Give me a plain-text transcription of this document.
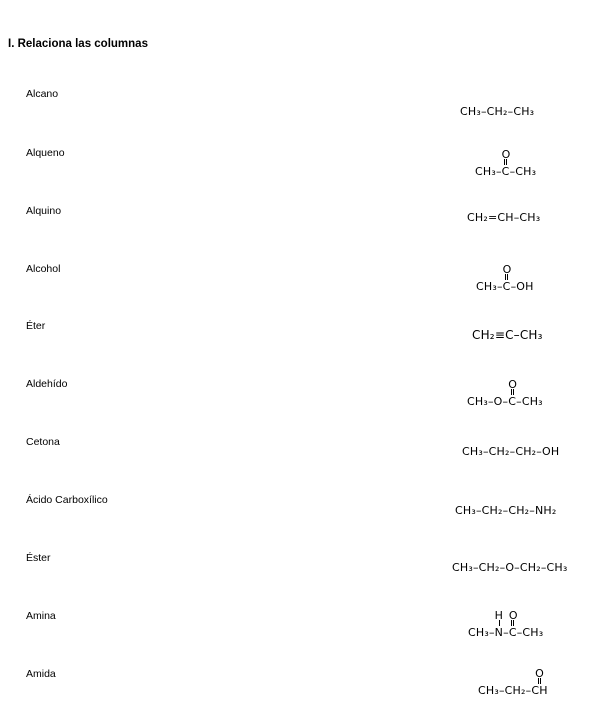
I. Relaciona las columnas
Alcano
Alqueno
Alquino
Alcohol
Éter
Aldehído
Cetona
Ácido Carboxílico
Éster
Amina
Amida
CH₃–CH₂–CH₃
CH₃–
O
C–CH₃
CH₂=CH–CH₃
CH₃–
O
C–OH
CH₂≡C–CH₃
CH₃–O–
O
C–CH₃
CH₃–CH₂–CH₂–OH
CH₃–CH₂–CH₂–NH₂
CH₃–CH₂–O–CH₂–CH₃
CH₃–
H
N–
O
C–CH₃
CH₃–CH₂–
O
CH
